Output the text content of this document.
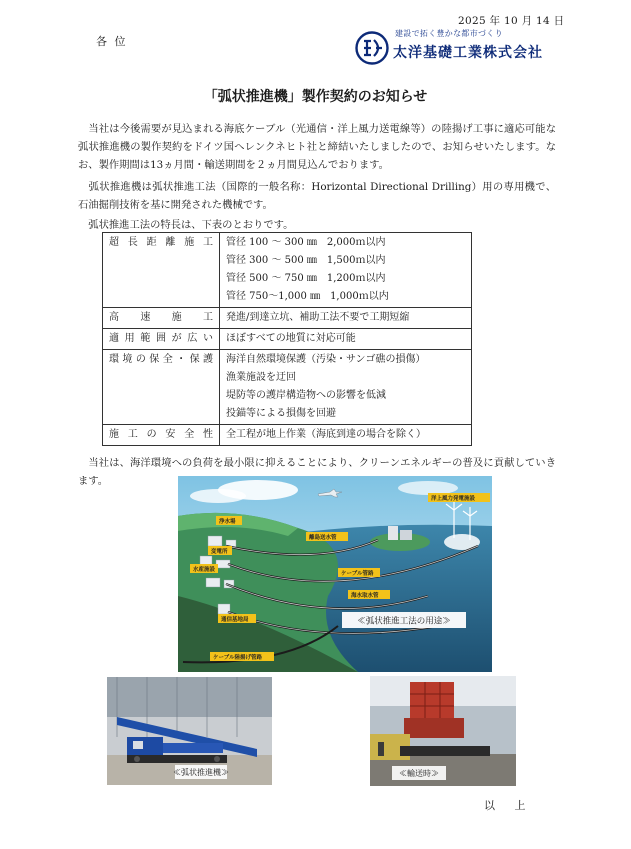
2025 年 10 月 14 日
各 位
建設で拓く豊かな都市づくり
太洋基礎工業株式会社
「弧状推進機」製作契約のお知らせ
　当社は今後需要が見込まれる海底ケーブル（光通信・洋上風力送電線等）の陸揚げ工事に適応可能な弧状推進機の製作契約をドイツ国へレンクネヒト社と締結いたしましたので、お知らせいたします。なお、製作期間は13ヵ月間・輸送期間を２ヵ月間見込んでおります。
　弧状推進機は弧状推進工法（国際的一般名称：Horizontal Directional Drilling）用の専用機で、石油掘削技術を基に開発された機械です。
　弧状推進工法の特長は、下表のとおりです。
超長距離施工	管径 100 〜 300 ㎜　2,000ｍ以内
管径 300 〜 500 ㎜　1,500ｍ以内
管径 500 〜 750 ㎜　1,200ｍ以内
管径 750〜1,000 ㎜　1,000ｍ以内

高速施工	発進/到達立坑、補助工法不要で工期短縮

適用範囲が広い	ほぼすべての地質に対応可能

環境の保全・保護	海洋自然環境保護（汚染・サンゴ礁の損傷）
漁業施設を迂回
堤防等の護岸構造物への影響を低減
投錨等による損傷を回避

施工の安全性	全工程が地上作業（海底到達の場合を除く）
　当社は、海洋環境への負荷を最小限に抑えることにより、クリーンエネルギーの普及に貢献していきます。
浄水場
変電所
水産施設
通信基地局
ケーブル陸揚げ管路
離島送水管
ケーブル管路
海水取水管
洋上風力発電施設
≪弧状推進工法の用途≫
≪弧状推進機≫	≪輸送時≫
以 上
